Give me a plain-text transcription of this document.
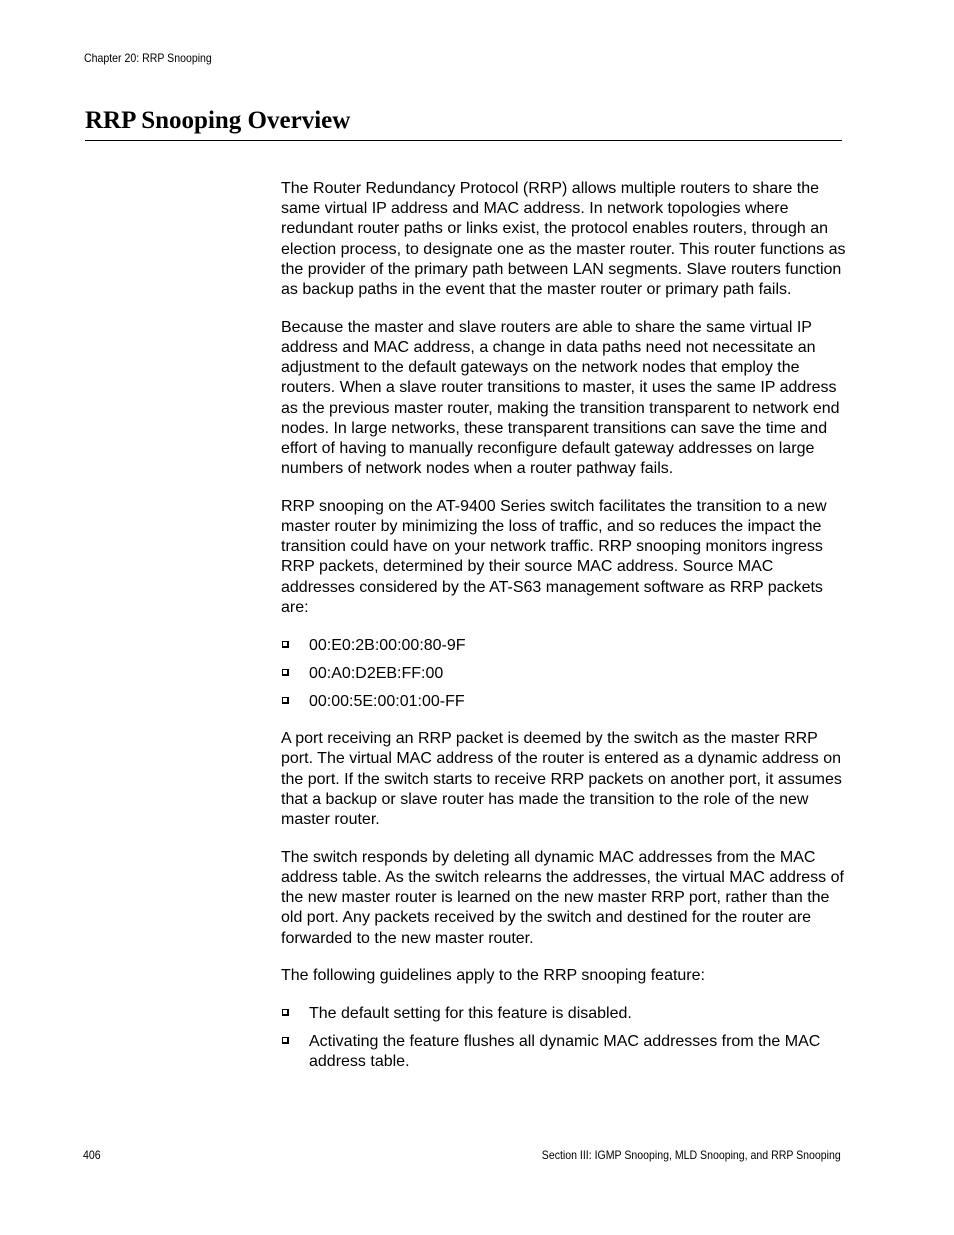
Chapter 20: RRP Snooping
RRP Snooping Overview

The Router Redundancy Protocol (RRP) allows multiple routers to share the same virtual IP address and MAC address. In network topologies where redundant router paths or links exist, the protocol enables routers, through an election process, to designate one as the master router. This router functions as the provider of the primary path between LAN segments. Slave routers function as backup paths in the event that the master router or primary path fails.

Because the master and slave routers are able to share the same virtual IP address and MAC address, a change in data paths need not necessitate an adjustment to the default gateways on the network nodes that employ the routers. When a slave router transitions to master, it uses the same IP address as the previous master router, making the transition transparent to network end nodes. In large networks, these transparent transitions can save the time and effort of having to manually reconfigure default gateway addresses on large numbers of network nodes when a router pathway fails.

RRP snooping on the AT-9400 Series switch facilitates the transition to a new master router by minimizing the loss of traffic, and so reduces the impact the transition could have on your network traffic. RRP snooping monitors ingress RRP packets, determined by their source MAC address. Source MAC addresses considered by the AT-S63 management software as RRP packets are:

00:E0:2B:00:00:80-9F
00:A0:D2EB:FF:00
00:00:5E:00:01:00-FF

A port receiving an RRP packet is deemed by the switch as the master RRP port. The virtual MAC address of the router is entered as a dynamic address on the port. If the switch starts to receive RRP packets on another port, it assumes that a backup or slave router has made the transition to the role of the new master router.

The switch responds by deleting all dynamic MAC addresses from the MAC address table. As the switch relearns the addresses, the virtual MAC address of the new master router is learned on the new master RRP port, rather than the old port. Any packets received by the switch and destined for the router are forwarded to the new master router.

The following guidelines apply to the RRP snooping feature:

The default setting for this feature is disabled.
Activating the feature flushes all dynamic MAC addresses from the MAC address table.
406	Section III: IGMP Snooping, MLD Snooping, and RRP Snooping
